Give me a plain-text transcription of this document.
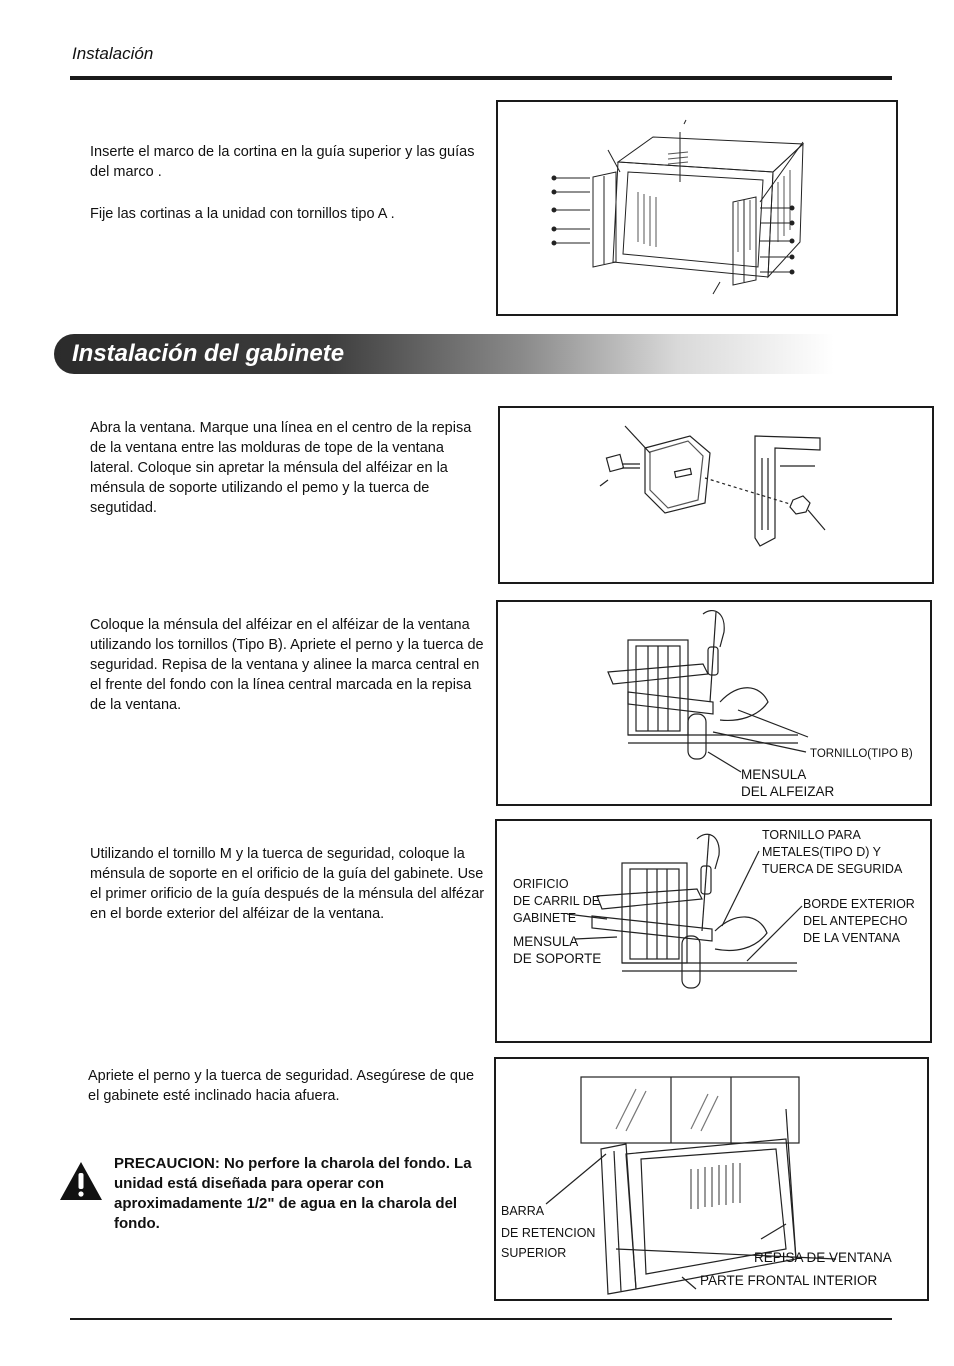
Instalación
Inserte el marco de la cortina en la guía superior y las guías del marco .
Fije las cortinas a la unidad con tornillos tipo A .
Instalación del gabinete
Abra la ventana. Marque una línea en el centro de la repisa de la ventana entre las molduras de tope de la ventana lateral. Coloque sin apretar la ménsula del alféizar en la ménsula de soporte utilizando el pemo y la tuerca de segutidad.
Coloque la ménsula del alféizar en el alféizar de la ventana utilizando los tornillos (Tipo B). Apriete el perno y la tuerca de seguridad. Repisa de la ventana y alinee la marca central en el frente del fondo con la línea central marcada en la repisa de la ventana.
TORNILLO(TIPO B)
MENSULA
DEL ALFEIZAR
Utilizando el tornillo M y la tuerca de seguridad, coloque la ménsula de soporte en el orificio de la guía del gabinete. Use el primer orificio de la guía después de la ménsula del alfézar en el borde exterior del alféizar de la ventana.
TORNILLO PARA
METALES(TIPO D) Y
TUERCA DE SEGURIDA
ORIFICIO
DE CARRIL DE
GABINETE
MENSULA
DE SOPORTE
BORDE EXTERIOR
DEL ANTEPECHO
DE LA VENTANA
Apriete el perno y la tuerca de seguridad. Asegúrese de que el gabinete esté inclinado hacia afuera.
PRECAUCION: No perfore la charola del fondo. La unidad está diseñada para operar con aproximadamente 1/2" de agua en la charola del fondo.
BARRA
DE RETENCION
SUPERIOR	REPISA DE VENTANA
PARTE FRONTAL INTERIOR
